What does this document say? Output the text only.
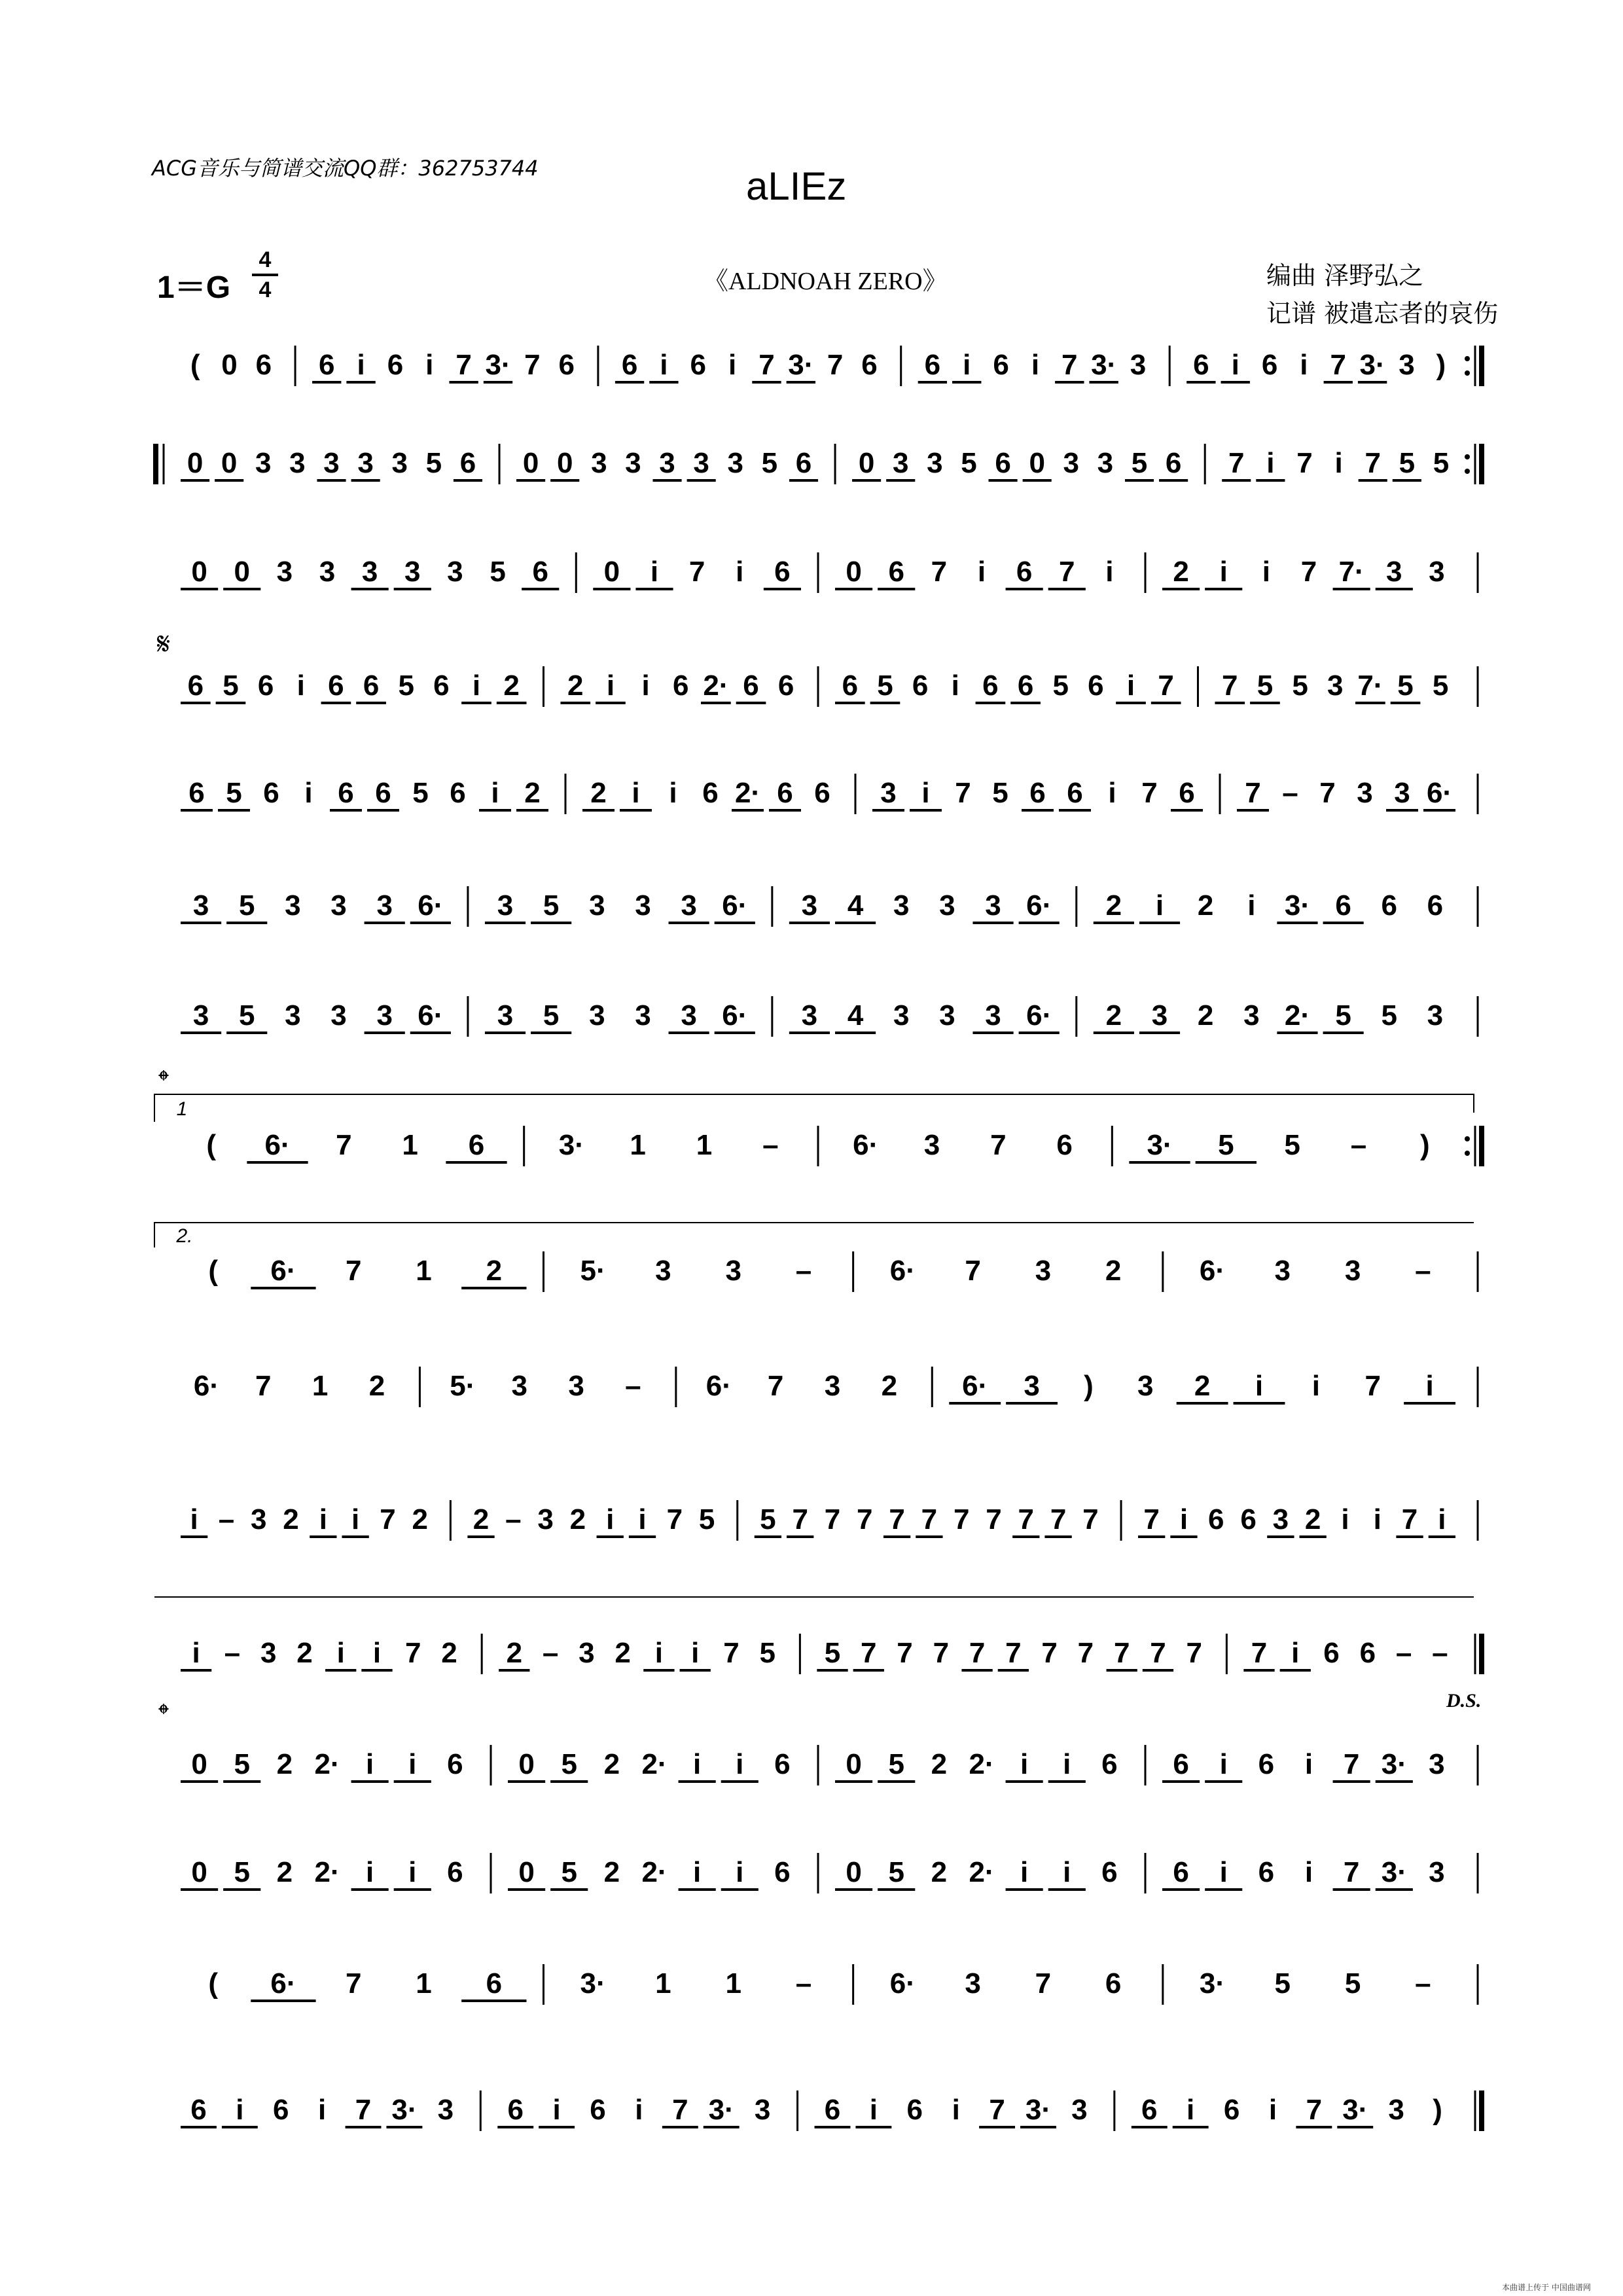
ACG音乐与简谱交流QQ群：362753744	aLIEz
1＝G
4
4	《ALDNOAH ZERO》	编曲 泽野弘之
记谱 被遣忘者的哀伤
( 0 6 6 i 6 i 7 3· 7 6 6 i 6 i 7 3· 7 6 6 i 6 i 7 3· 3 6 i 6 i 7 3· 3 )
0 0 3 3 3 3 3 5 6 0 0 3 3 3 3 3 5 6 0 3 3 5 6 0 3 3 5 6 7 i 7 i 7 5 5
0 0 3 3 3 3 3 5 6 0 i 7 i 6 0 6 7 i 6 7 i 2 i i 7 7· 3 3
6 5 6 i 6 6 5 6 i 2 2 i i 6 2· 6 6 6 5 6 i 6 6 5 6 i 7 7 5 5 3 7· 5 5
6 5 6 i 6 6 5 6 i 2 2 i i 6 2· 6 6 3 i 7 5 6 6 i 7 6 7 – 7 3 3 6·
3 5 3 3 3 6· 3 5 3 3 3 6· 3 4 3 3 3 6· 2 i 2 i 3· 6 6 6
3 5 3 3 3 6· 3 5 3 3 3 6· 3 4 3 3 3 6· 2 3 2 3 2· 5 5 3
( 6· 7 1 6	3· 1 1 –	6· 3 7 6	3· 5 5 – )
( 6· 7 1 2	5· 3 3 –	6· 7 3 2	6· 3 3 –
6· 7 1 2 5· 3 3 – 6· 7 3 2 6· 3 ) 3 2 i i 7 i
i – 3 2 i i 7 2 2 – 3 2 i i 7 5 5 7 7 7 7 7 7 7 7 7 7 7 i 6 6 3 2 i i 7 i
i – 3 2 i i 7 2 2 – 3 2 i i 7 5 5 7 7 7 7 7 7 7 7 7 7 7 i 6 6 – –
0 5 2 2· i i 6 0 5 2 2· i i 6 0 5 2 2· i i 6 6 i 6 i 7 3· 3
0 5 2 2· i i 6 0 5 2 2· i i 6 0 5 2 2· i i 6 6 i 6 i 7 3· 3
( 6· 7 1 6	3· 1 1 –	6· 3 7 6	3· 5 5 –
6 i 6 i 7 3· 3 6 i 6 i 7 3· 3 6 i 6 i 7 3· 3 6 i 6 i 7 3· 3 )
𝄋
𝄌
𝄌
1
2.
D.S.
本曲谱上传于 中国曲谱网
